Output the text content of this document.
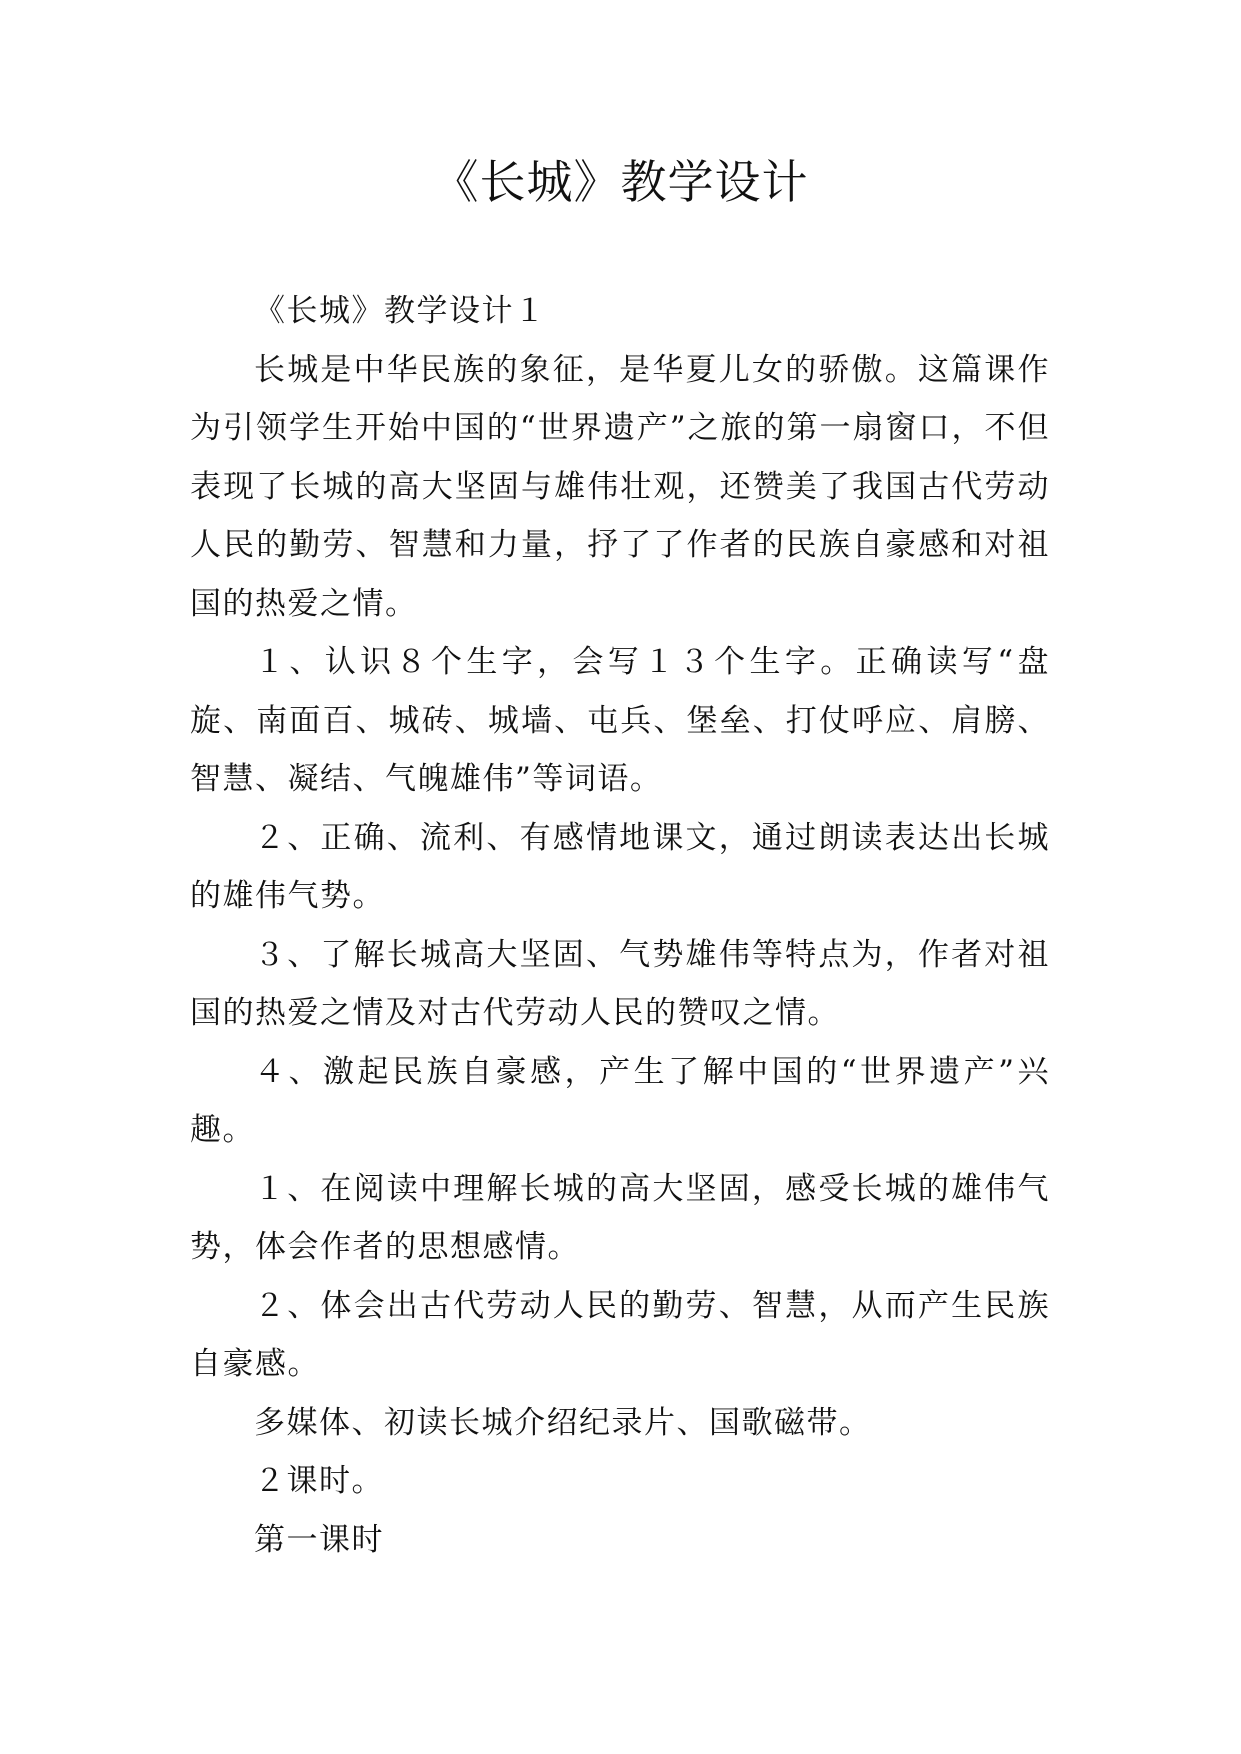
《长城》教学设计

《长城》教学设计１

长城是中华民族的象征，是华夏儿女的骄傲。这篇课作为引领学生开始中国的“世界遗产”之旅的第一扇窗口，不但表现了长城的高大坚固与雄伟壮观，还赞美了我国古代劳动人民的勤劳、智慧和力量，抒了了作者的民族自豪感和对祖国的热爱之情。

１、认识８个生字，会写１３个生字。正确读写“盘旋、南面百、城砖、城墙、屯兵、堡垒、打仗呼应、肩膀、智慧、凝结、气魄雄伟”等词语。

２、正确、流利、有感情地课文，通过朗读表达出长城的雄伟气势。

３、了解长城高大坚固、气势雄伟等特点为，作者对祖国的热爱之情及对古代劳动人民的赞叹之情。

４、激起民族自豪感，产生了解中国的“世界遗产”兴趣。

１、在阅读中理解长城的高大坚固，感受长城的雄伟气势，体会作者的思想感情。

２、体会出古代劳动人民的勤劳、智慧，从而产生民族自豪感。

多媒体、初读长城介绍纪录片、国歌磁带。

２课时。

第一课时
